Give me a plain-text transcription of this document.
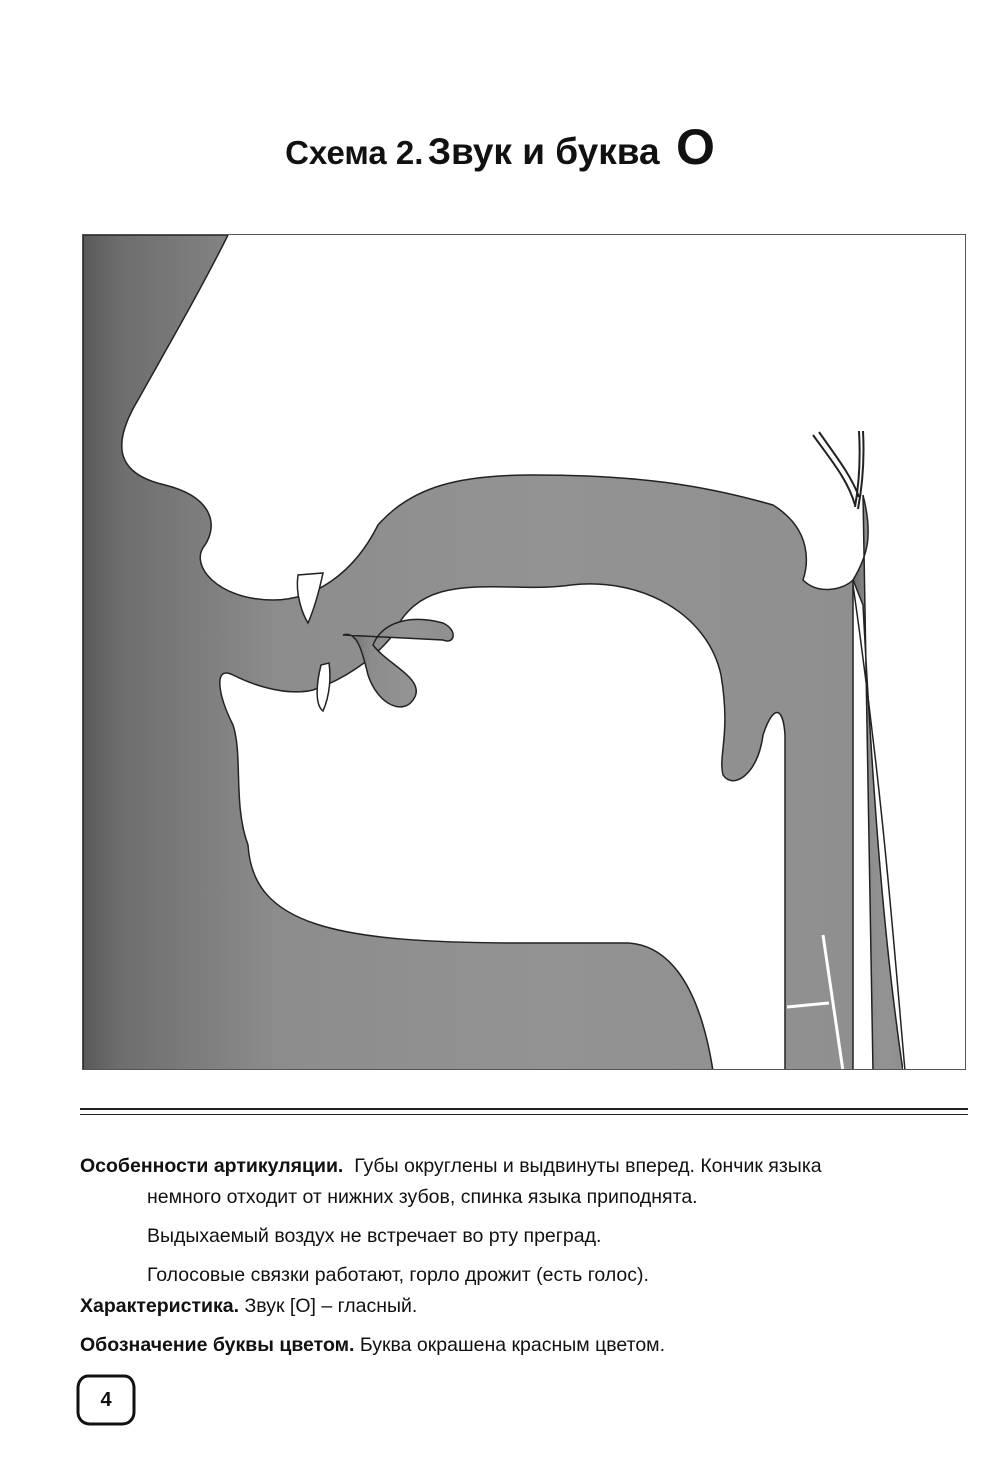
Схема 2. Звук и буква О

Особенности артикуляции. Губы округлены и выдвинуты вперед. Кончик языка

немного отходит от нижних зубов, спинка языка приподнята.

Выдыхаемый воздух не встречает во рту преград.

Голосовые связки работают, горло дрожит (есть голос).

Характеристика. Звук [О] – гласный.

Обозначение буквы цветом. Буква окрашена красным цветом.

4
